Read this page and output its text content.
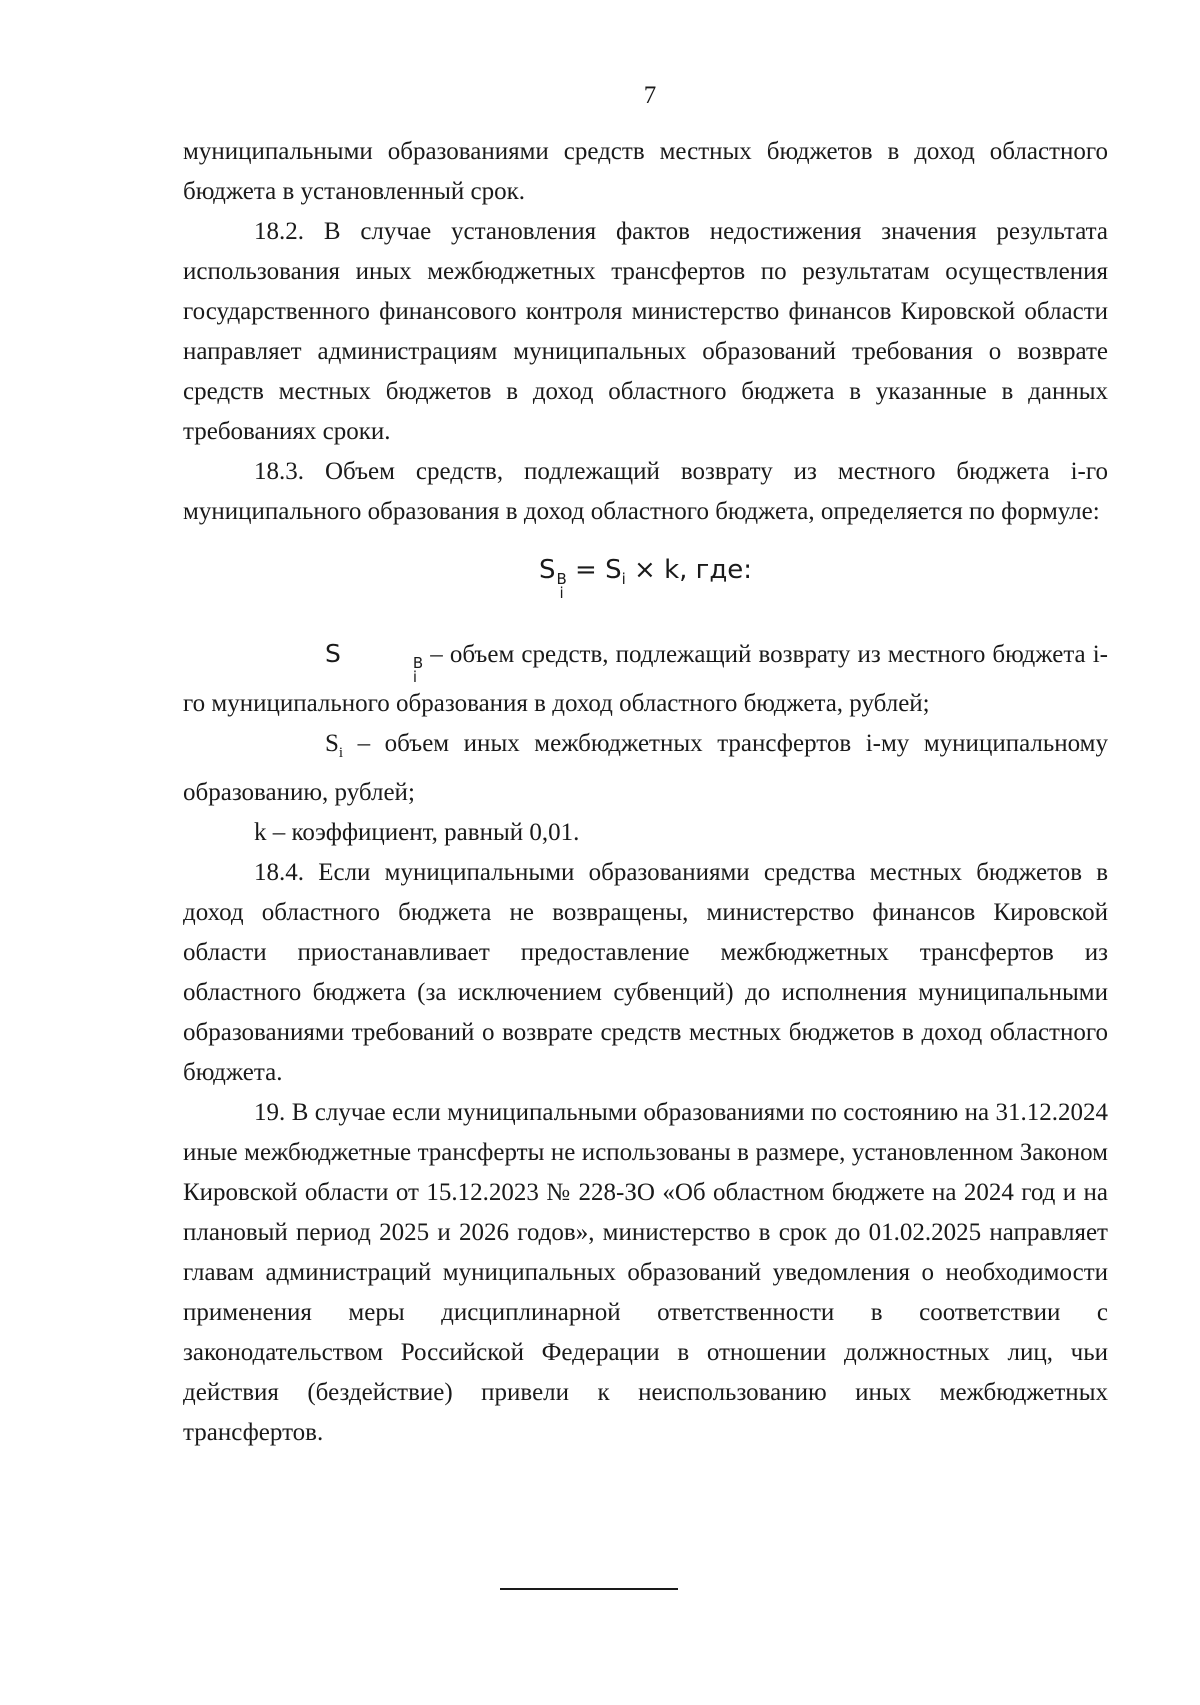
7

муниципальными образованиями средств местных бюджетов в доход областного бюджета в установленный срок.

18.2. В случае установления фактов недостижения значения результата использования иных межбюджетных трансфертов по результатам осуществления государственного финансового контроля министерство финансов Кировской области направляет администрациям муниципальных образований требования о возврате средств местных бюджетов в доход областного бюджета в указанные в данных требованиях сроки.

18.3. Объем средств, подлежащий возврату из местного бюджета i-го муниципального образования в доход областного бюджета, определяется по формуле:

S В
i
= $S_i \times k$, где:

S	В
i
– объем средств, подлежащий возврату из местного бюджета i-го муниципального образования в доход областного бюджета, рублей;

$S_i$ – объем иных межбюджетных трансфертов i-му муниципальному образованию, рублей;

k – коэффициент, равный 0,01.

18.4. Если муниципальными образованиями средства местных бюджетов в доход областного бюджета не возвращены, министерство финансов Кировской области приостанавливает предоставление межбюджетных трансфертов из областного бюджета (за исключением субвенций) до исполнения муниципальными образованиями требований о возврате средств местных бюджетов в доход областного бюджета.

19. В случае если муниципальными образованиями по состоянию на 31.12.2024 иные межбюджетные трансферты не использованы в размере, установленном Законом Кировской области от 15.12.2023 № 228-ЗО «Об областном бюджете на 2024 год и на плановый период 2025 и 2026 годов», министерство в срок до 01.02.2025 направляет главам администраций муниципальных образований уведомления о необходимости применения меры дисциплинарной ответственности в соответствии с законодательством Российской Федерации в отношении должностных лиц, чьи действия (бездействие) привели к неиспользованию иных межбюджетных трансфертов.
